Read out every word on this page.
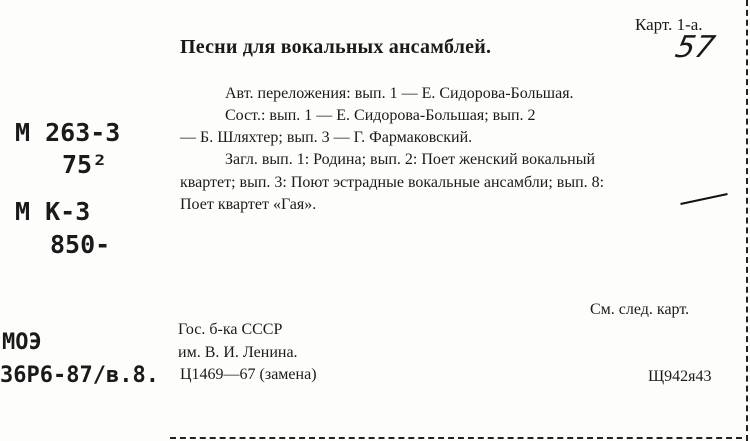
Карт. 1-а.
57
Песни для вокальных ансамблей.
Авт. переложения: вып. 1 — Е. Сидорова-Большая.
Сост.: вып. 1 — Е. Сидорова-Большая; вып. 2
— Б. Шляхтер; вып. 3 — Г. Фармаковский.
Загл. вып. 1: Родина; вып. 2: Поет женский вокальный
квартет; вып. 3: Поют эстрадные вокальные ансамбли; вып. 8:
Поет квартет «Гая».
М 263-3
75²
М К-3
850-
См. след. карт.
Гос. б-ка СССР
им. В. И. Ленина.
Ц1469—67 (замена)
МОЭ
36Р6-87/в.8.	Щ942я43
